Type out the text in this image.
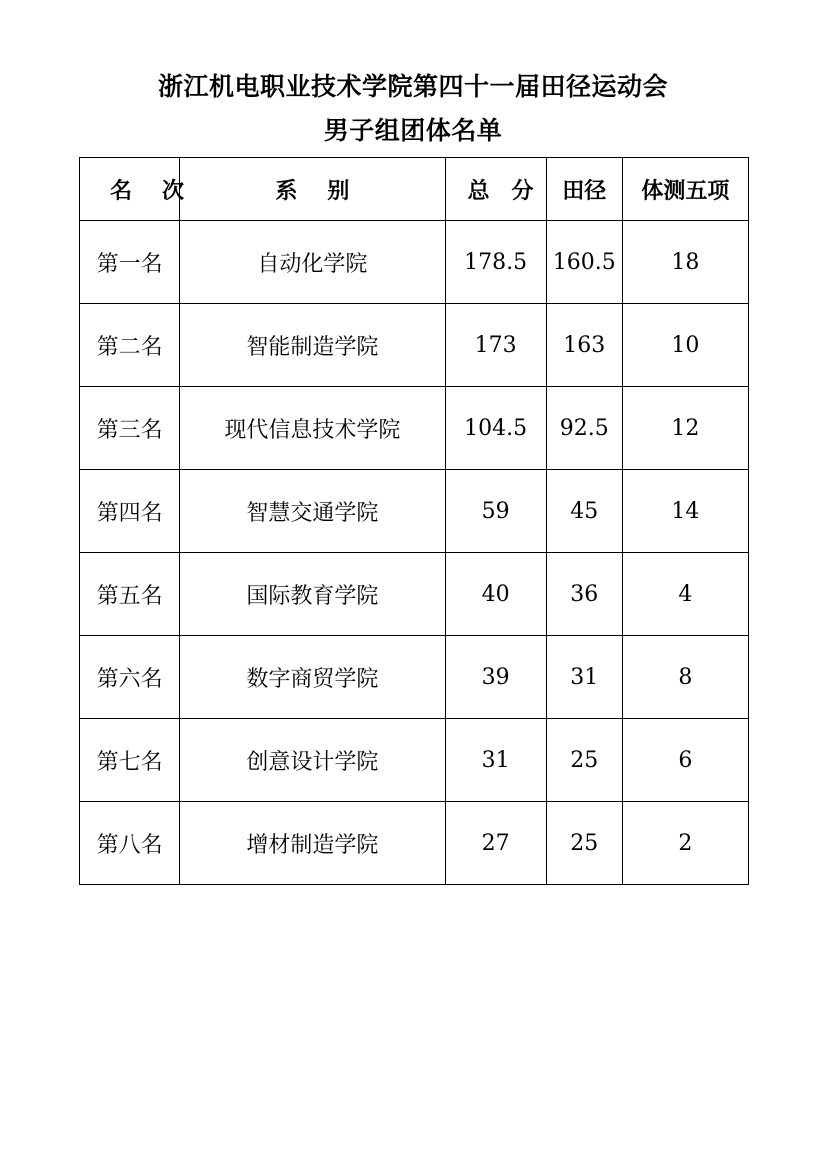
浙江机电职业技术学院第四十一届田径运动会
男子组团体名单
名次	系别	总分	田径	体测五项
第一名	自动化学院	178.5	160.5	18
第二名	智能制造学院	173	163	10
第三名	现代信息技术学院	104.5	92.5	12
第四名	智慧交通学院	59	45	14
第五名	国际教育学院	40	36	4
第六名	数字商贸学院	39	31	8
第七名	创意设计学院	31	25	6
第八名	增材制造学院	27	25	2
